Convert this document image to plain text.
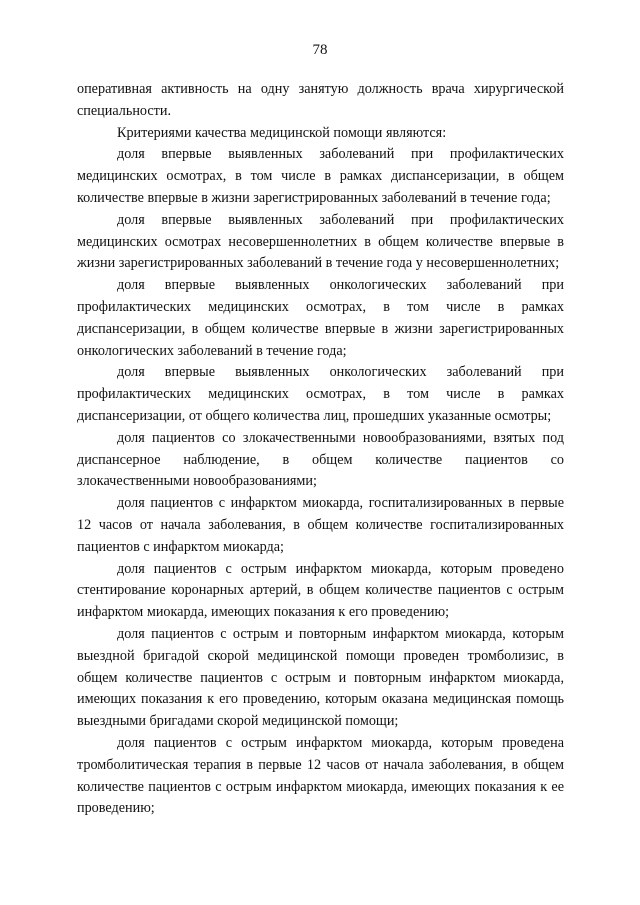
78

оперативная активность на одну занятую должность врача хирургической специальности.

Критериями качества медицинской помощи являются:

доля впервые выявленных заболеваний при профилактических медицинских осмотрах, в том числе в рамках диспансеризации, в общем количестве впервые в жизни зарегистрированных заболеваний в течение года;

доля впервые выявленных заболеваний при профилактических медицинских осмотрах несовершеннолетних в общем количестве впервые в жизни зарегистрированных заболеваний в течение года у несовершеннолетних;

доля впервые выявленных онкологических заболеваний при профилактических медицинских осмотрах, в том числе в рамках диспансеризации, в общем количестве впервые в жизни зарегистрированных онкологических заболеваний в течение года;

доля впервые выявленных онкологических заболеваний при профилактических медицинских осмотрах, в том числе в рамках диспансеризации, от общего количества лиц, прошедших указанные осмотры;

доля пациентов со злокачественными новообразованиями, взятых под диспансерное наблюдение, в общем количестве пациентов со злокачественными новообразованиями;

доля пациентов с инфарктом миокарда, госпитализированных в первые 12 часов от начала заболевания, в общем количестве госпитализированных пациентов с инфарктом миокарда;

доля пациентов с острым инфарктом миокарда, которым проведено стентирование коронарных артерий, в общем количестве пациентов с острым инфарктом миокарда, имеющих показания к его проведению;

доля пациентов с острым и повторным инфарктом миокарда, которым выездной бригадой скорой медицинской помощи проведен тромболизис, в общем количестве пациентов с острым и повторным инфарктом миокарда, имеющих показания к его проведению, которым оказана медицинская помощь выездными бригадами скорой медицинской помощи;

доля пациентов с острым инфарктом миокарда, которым проведена тромболитическая терапия в первые 12 часов от начала заболевания, в общем количестве пациентов с острым инфарктом миокарда, имеющих показания к ее проведению;
